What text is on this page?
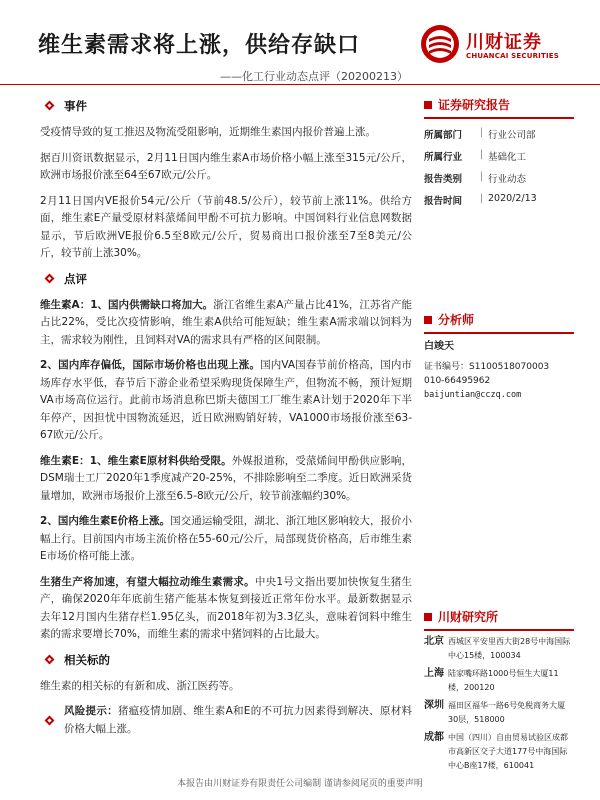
维生素需求将上涨，供给存缺口	川财证券
CHUANCAI SECURITIES
——化工行业动态点评（20200213）
事件

受疫情导致的复工推迟及物流受阻影响，近期维生素国内报价普遍上涨。

据百川资讯数据显示，2月11日国内维生素A市场价格小幅上涨至315元/公斤，欧洲市场报价涨至64至67欧元/公斤。

2月11日国内VE报价54元/公斤（节前48.5/公斤），较节前上涨11%。供给方面，维生素E产量受原材料蒎烯间甲酚不可抗力影响。中国饲料行业信息网数据显示，节后欧洲VE报价6.5至8欧元/公斤，贸易商出口报价涨至7至8美元/公斤，较节前上涨30%。

点评

维生素A：1、国内供需缺口将加大。浙江省维生素A产量占比41%，江苏省产能占比22%，受比次疫情影响，维生素A供给可能短缺；维生素A需求端以饲料为主，需求较为刚性，且饲料对VA的需求具有严格的区间限制。

2、国内库存偏低，国际市场价格也出现上涨。国内VA国春节前价格高，国内市场库存水平低，春节后下游企业希望采购现货保障生产，但物流不畅，预计短期VA市场高位运行。此前市场消息称巴斯夫德国工厂维生素A计划于2020年下半年停产，因担忧中国物流延迟，近日欧洲购销好转，VA1000市场报价涨至63-67欧元/公斤。

维生素E：1、维生素E原材料供给受限。外媒报道称，受蒎烯间甲酚供应影响，DSM瑞士工厂2020年1季度减产20-25%，不排除影响至二季度。近日欧洲采货量增加，欧洲市场报价上涨至6.5-8欧元/公斤，较节前涨幅约30%。

2、国内维生素E价格上涨。国交通运输受阻，湖北、浙江地区影响较大，报价小幅上行。目前国内市场主流价格在55-60元/公斤，局部现货价格高，后市维生素E市场价格可能上涨。

生猪生产将加速，有望大幅拉动维生素需求。中央1号文指出要加快恢复生猪生产，确保2020年年底前生猪产能基本恢复到接近正常年份水平。最新数据显示去年12月国内生猪存栏1.95亿头，而2018年初为3.3亿头，意味着饲料中维生素的需求要增长70%，而维生素的需求中猪饲料的占比最大。

相关标的

维生素的相关标的有新和成、浙江医药等。

风险提示：猪瘟疫情加剧、维生素A和E的不可抗力因素得到解决、原材料价格大幅上涨。

证券研究报告
所属部门	|	行业公司部
所属行业	|	基础化工
报告类别	|	行业动态
报告时间	|	2020/2/13
分析师
白竣天
证书编号：S1100518070003
010-66495962
baijuntian@cczq.com
川财研究所
北京 西城区平安里西大街28号中海国际中心15楼，100034
上海 陆家嘴环路1000号恒生大厦11楼，200120
深圳 福田区福华一路6号免税商务大厦30层，518000
成都 中国（四川）自由贸易试验区成都市高新区交子大道177号中海国际中心B座17楼，610041
本报告由川财证券有限责任公司编制 谨请参阅尾页的重要声明
